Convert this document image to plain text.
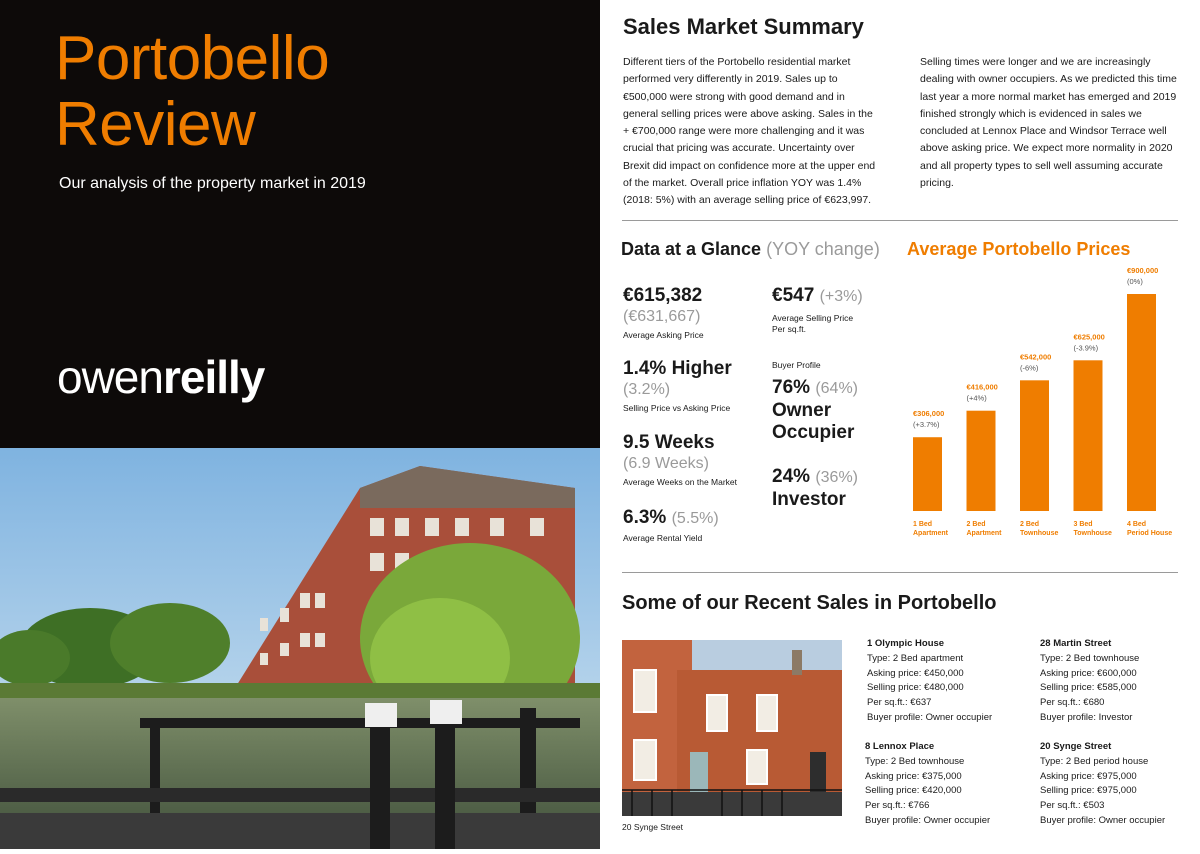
Portobello
Review
Our analysis of the property market in 2019
owenreilly
Sales Market Summary
Different tiers of the Portobello residential market performed very differently in 2019. Sales up to €500,000 were strong with good demand and in general selling prices were above asking. Sales in the + €700,000 range were more challenging and it was crucial that pricing was accurate. Uncertainty over Brexit did impact on confidence more at the upper end of the market. Overall price inflation YOY was 1.4% (2018: 5%) with an average selling price of €623,997.
Selling times were longer and we are increasingly dealing with owner occupiers. As we predicted this time last year a more normal market has emerged and 2019 finished strongly which is evidenced in sales we concluded at Lennox Place and Windsor Terrace well above asking price. We expect more normality in 2020 and all property types to sell well assuming accurate pricing.
Data at a Glance (YOY change) Average Portobello Prices
€615,382
(€631,667)
Average Asking Price
€547 (+3%)
Average Selling Price
Per sq.ft.
1.4% Higher
(3.2%)
Selling Price vs Asking Price
Buyer Profile
76% (64%)
Owner
Occupier
9.5 Weeks
(6.9 Weeks)
Average Weeks on the Market 24% (36%)
Investor
6.3% (5.5%)
Average Rental Yield
€306,000
(+3.7%)
1 Bed
Apartment
€416,000
(+4%)
2 Bed
Apartment
€542,000
(-6%)
2 Bed
Townhouse
€625,000
(-3.9%)
3 Bed
Townhouse
€900,000
(0%)
4 Bed
Period House
Some of our Recent Sales in Portobello
20 Synge Street
1 Olympic House
Type: 2 Bed apartment
Asking price: €450,000
Selling price: €480,000
Per sq.ft.: €637
Buyer profile: Owner occupier
28 Martin Street
Type: 2 Bed townhouse
Asking price: €600,000
Selling price: €585,000
Per sq.ft.: €680
Buyer profile: Investor
8 Lennox Place
Type: 2 Bed townhouse
Asking price: €375,000
Selling price: €420,000
Per sq.ft.: €766
Buyer profile: Owner occupier
20 Synge Street
Type: 2 Bed period house
Asking price: €975,000
Selling price: €975,000
Per sq.ft.: €503
Buyer profile: Owner occupier
